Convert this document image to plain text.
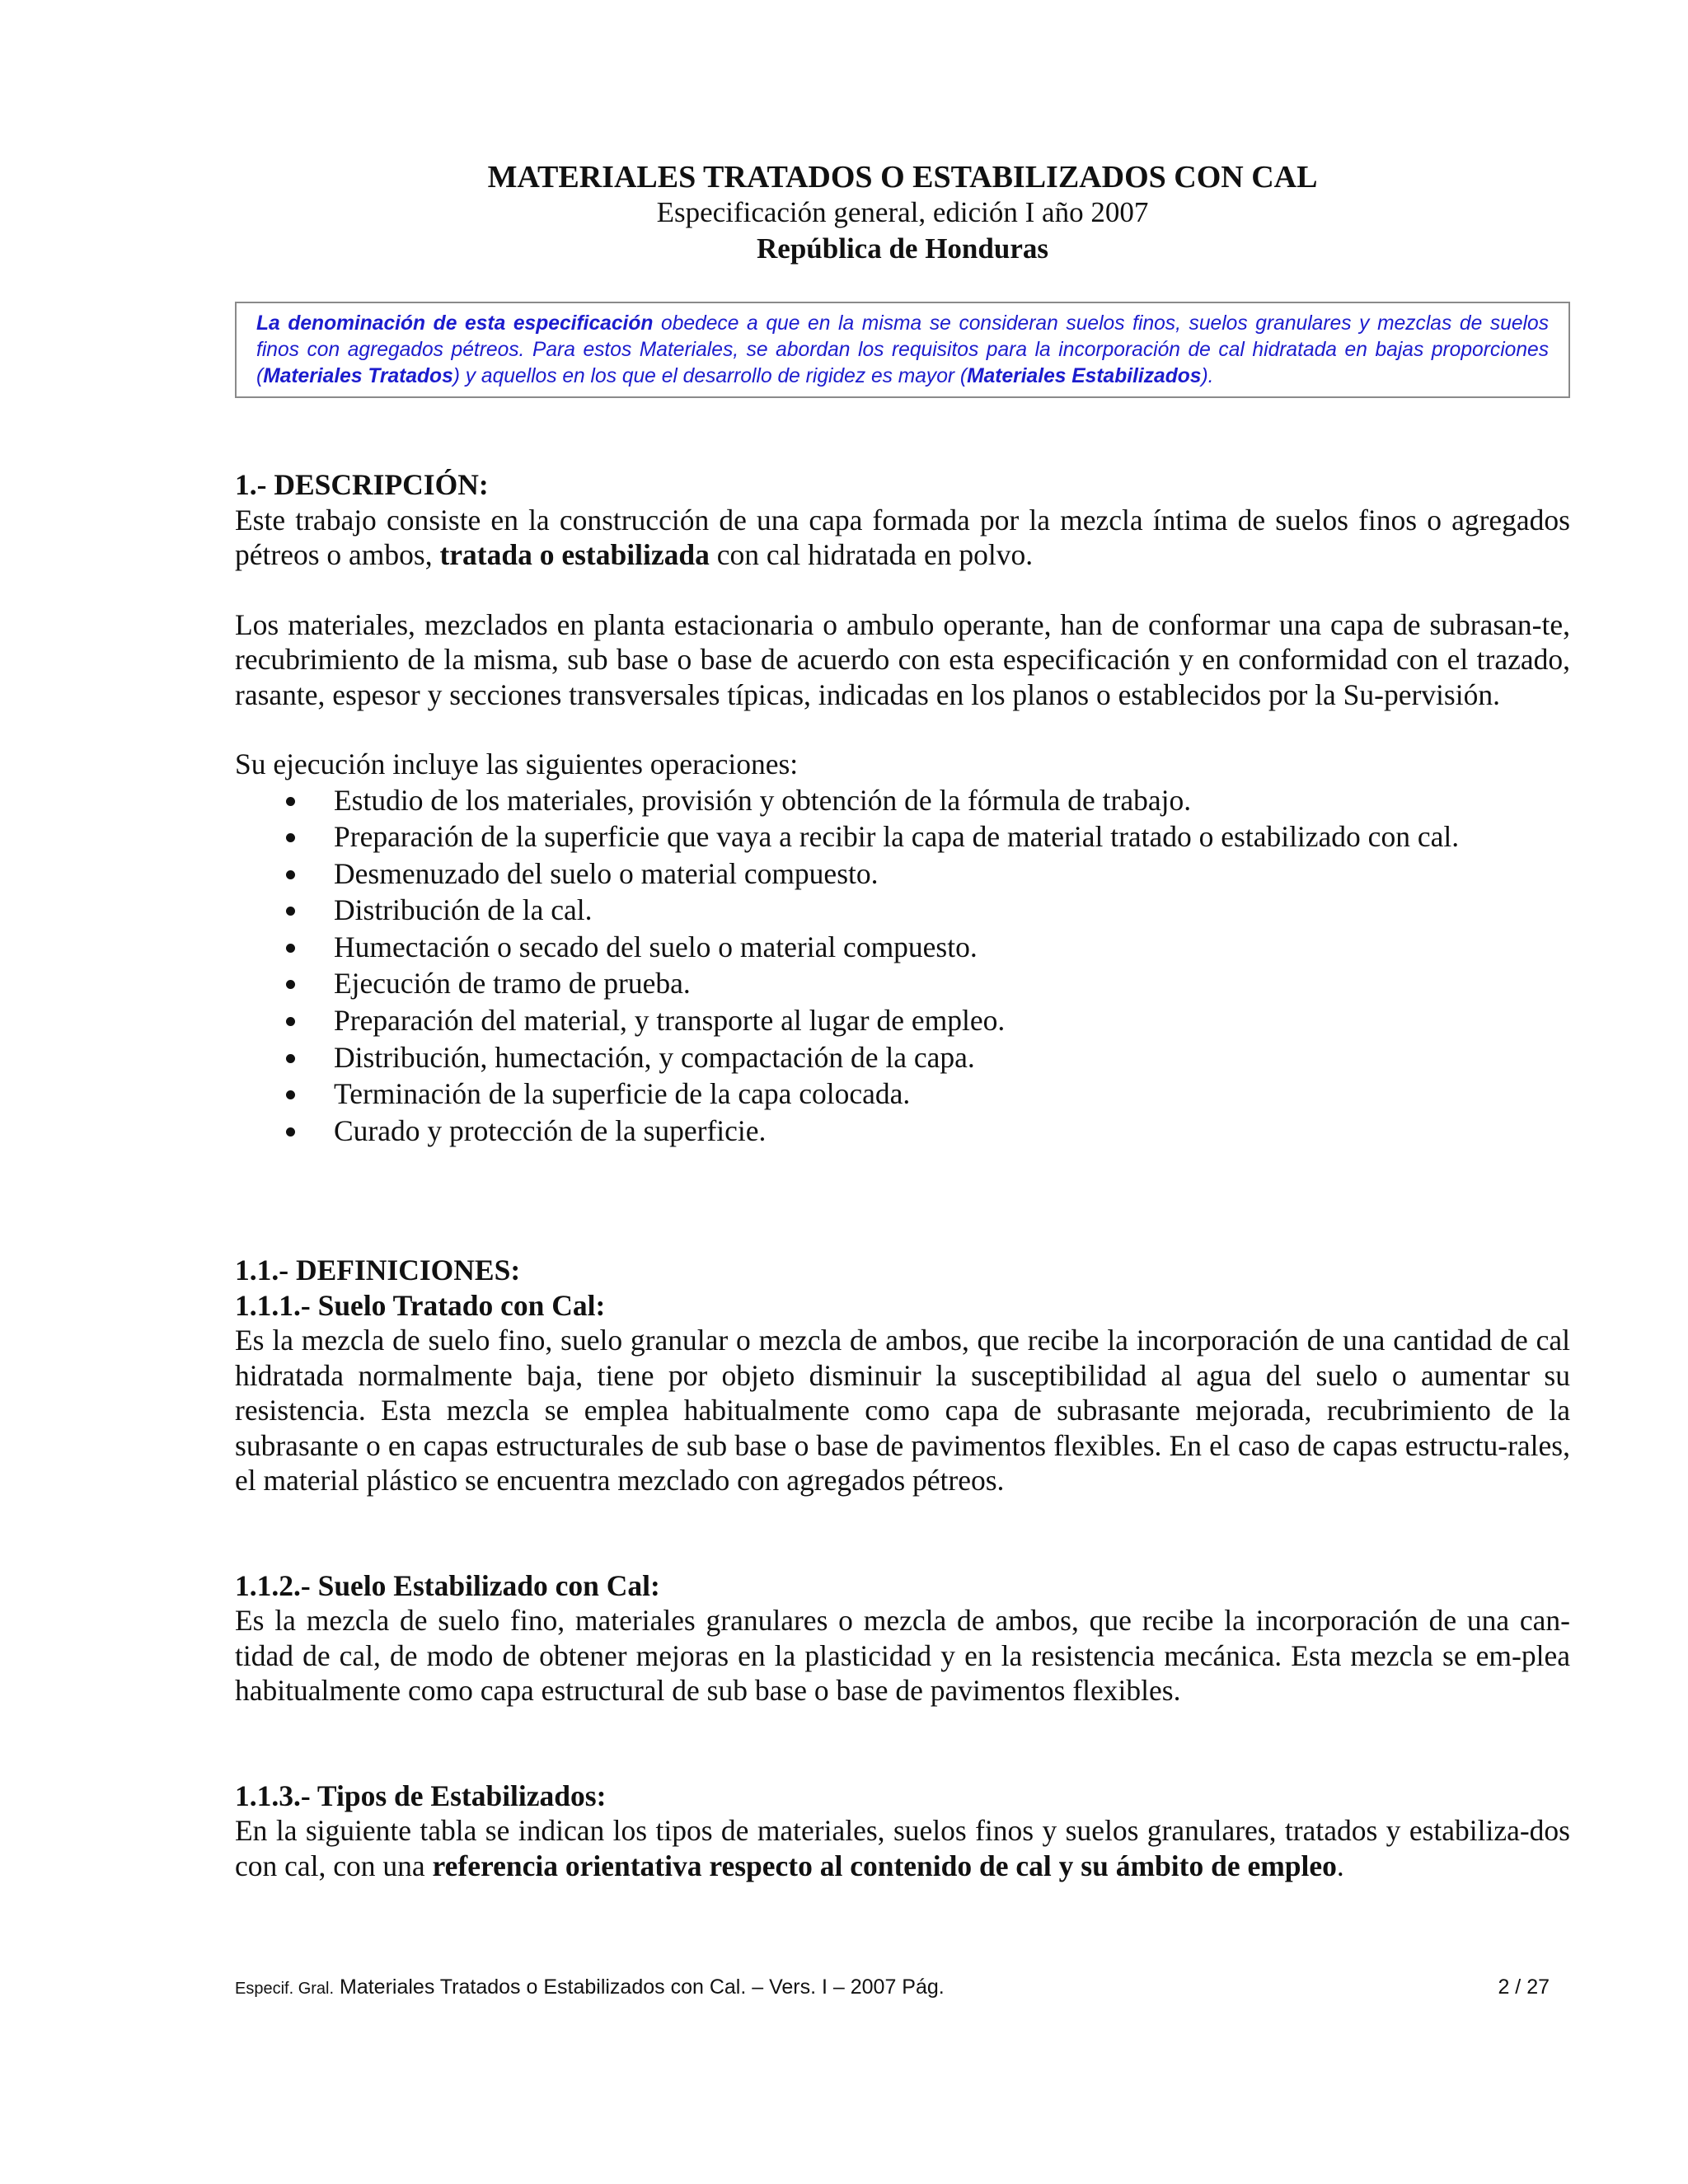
MATERIALES TRATADOS O ESTABILIZADOS CON CAL
Especificación general, edición I año 2007
República de Honduras
La denominación de esta especificación obedece a que en la misma se consideran suelos finos, suelos granulares y mezclas de suelos finos con agregados pétreos. Para estos Materiales, se abordan los requisitos para la incorporación de cal hidratada en bajas proporciones (Materiales Tratados) y aquellos en los que el desarrollo de rigidez es mayor (Materiales Estabilizados).

1.- DESCRIPCIÓN:

Este trabajo consiste en la construcción de una capa formada por la mezcla íntima de suelos finos o agregados pétreos o ambos, tratada o estabilizada con cal hidratada en polvo.

Los materiales, mezclados en planta estacionaria o ambulo operante, han de conformar una capa de subrasan-te, recubrimiento de la misma, sub base o base de acuerdo con esta especificación y en conformidad con el trazado, rasante, espesor y secciones transversales típicas, indicadas en los planos o establecidos por la Su-pervisión.

Su ejecución incluye las siguientes operaciones:

Estudio de los materiales, provisión y obtención de la fórmula de trabajo.
Preparación de la superficie que vaya a recibir la capa de material tratado o estabilizado con cal.
Desmenuzado del suelo o material compuesto.
Distribución de la cal.
Humectación o secado del suelo o material compuesto.
Ejecución de tramo de prueba.
Preparación del material, y transporte al lugar de empleo.
Distribución, humectación, y compactación de la capa.
Terminación de la superficie de la capa colocada.
Curado y protección de la superficie.

1.1.- DEFINICIONES:

1.1.1.- Suelo Tratado con Cal:

Es la mezcla de suelo fino, suelo granular o mezcla de ambos, que recibe la incorporación de una cantidad de cal hidratada normalmente baja, tiene por objeto disminuir la susceptibilidad al agua del suelo o aumentar su resistencia. Esta mezcla se emplea habitualmente como capa de subrasante mejorada, recubrimiento de la subrasante o en capas estructurales de sub base o base de pavimentos flexibles. En el caso de capas estructu-rales, el material plástico se encuentra mezclado con agregados pétreos.

1.1.2.- Suelo Estabilizado con Cal:

Es la mezcla de suelo fino, materiales granulares o mezcla de ambos, que recibe la incorporación de una can-tidad de cal, de modo de obtener mejoras en la plasticidad y en la resistencia mecánica. Esta mezcla se em-plea habitualmente como capa estructural de sub base o base de pavimentos flexibles.

1.1.3.- Tipos de Estabilizados:

En la siguiente tabla se indican los tipos de materiales, suelos finos y suelos granulares, tratados y estabiliza-dos con cal, con una referencia orientativa respecto al contenido de cal y su ámbito de empleo.

Especif. Gral. Materiales Tratados o Estabilizados con Cal. – Vers. I – 2007 Pág.	2 / 27
